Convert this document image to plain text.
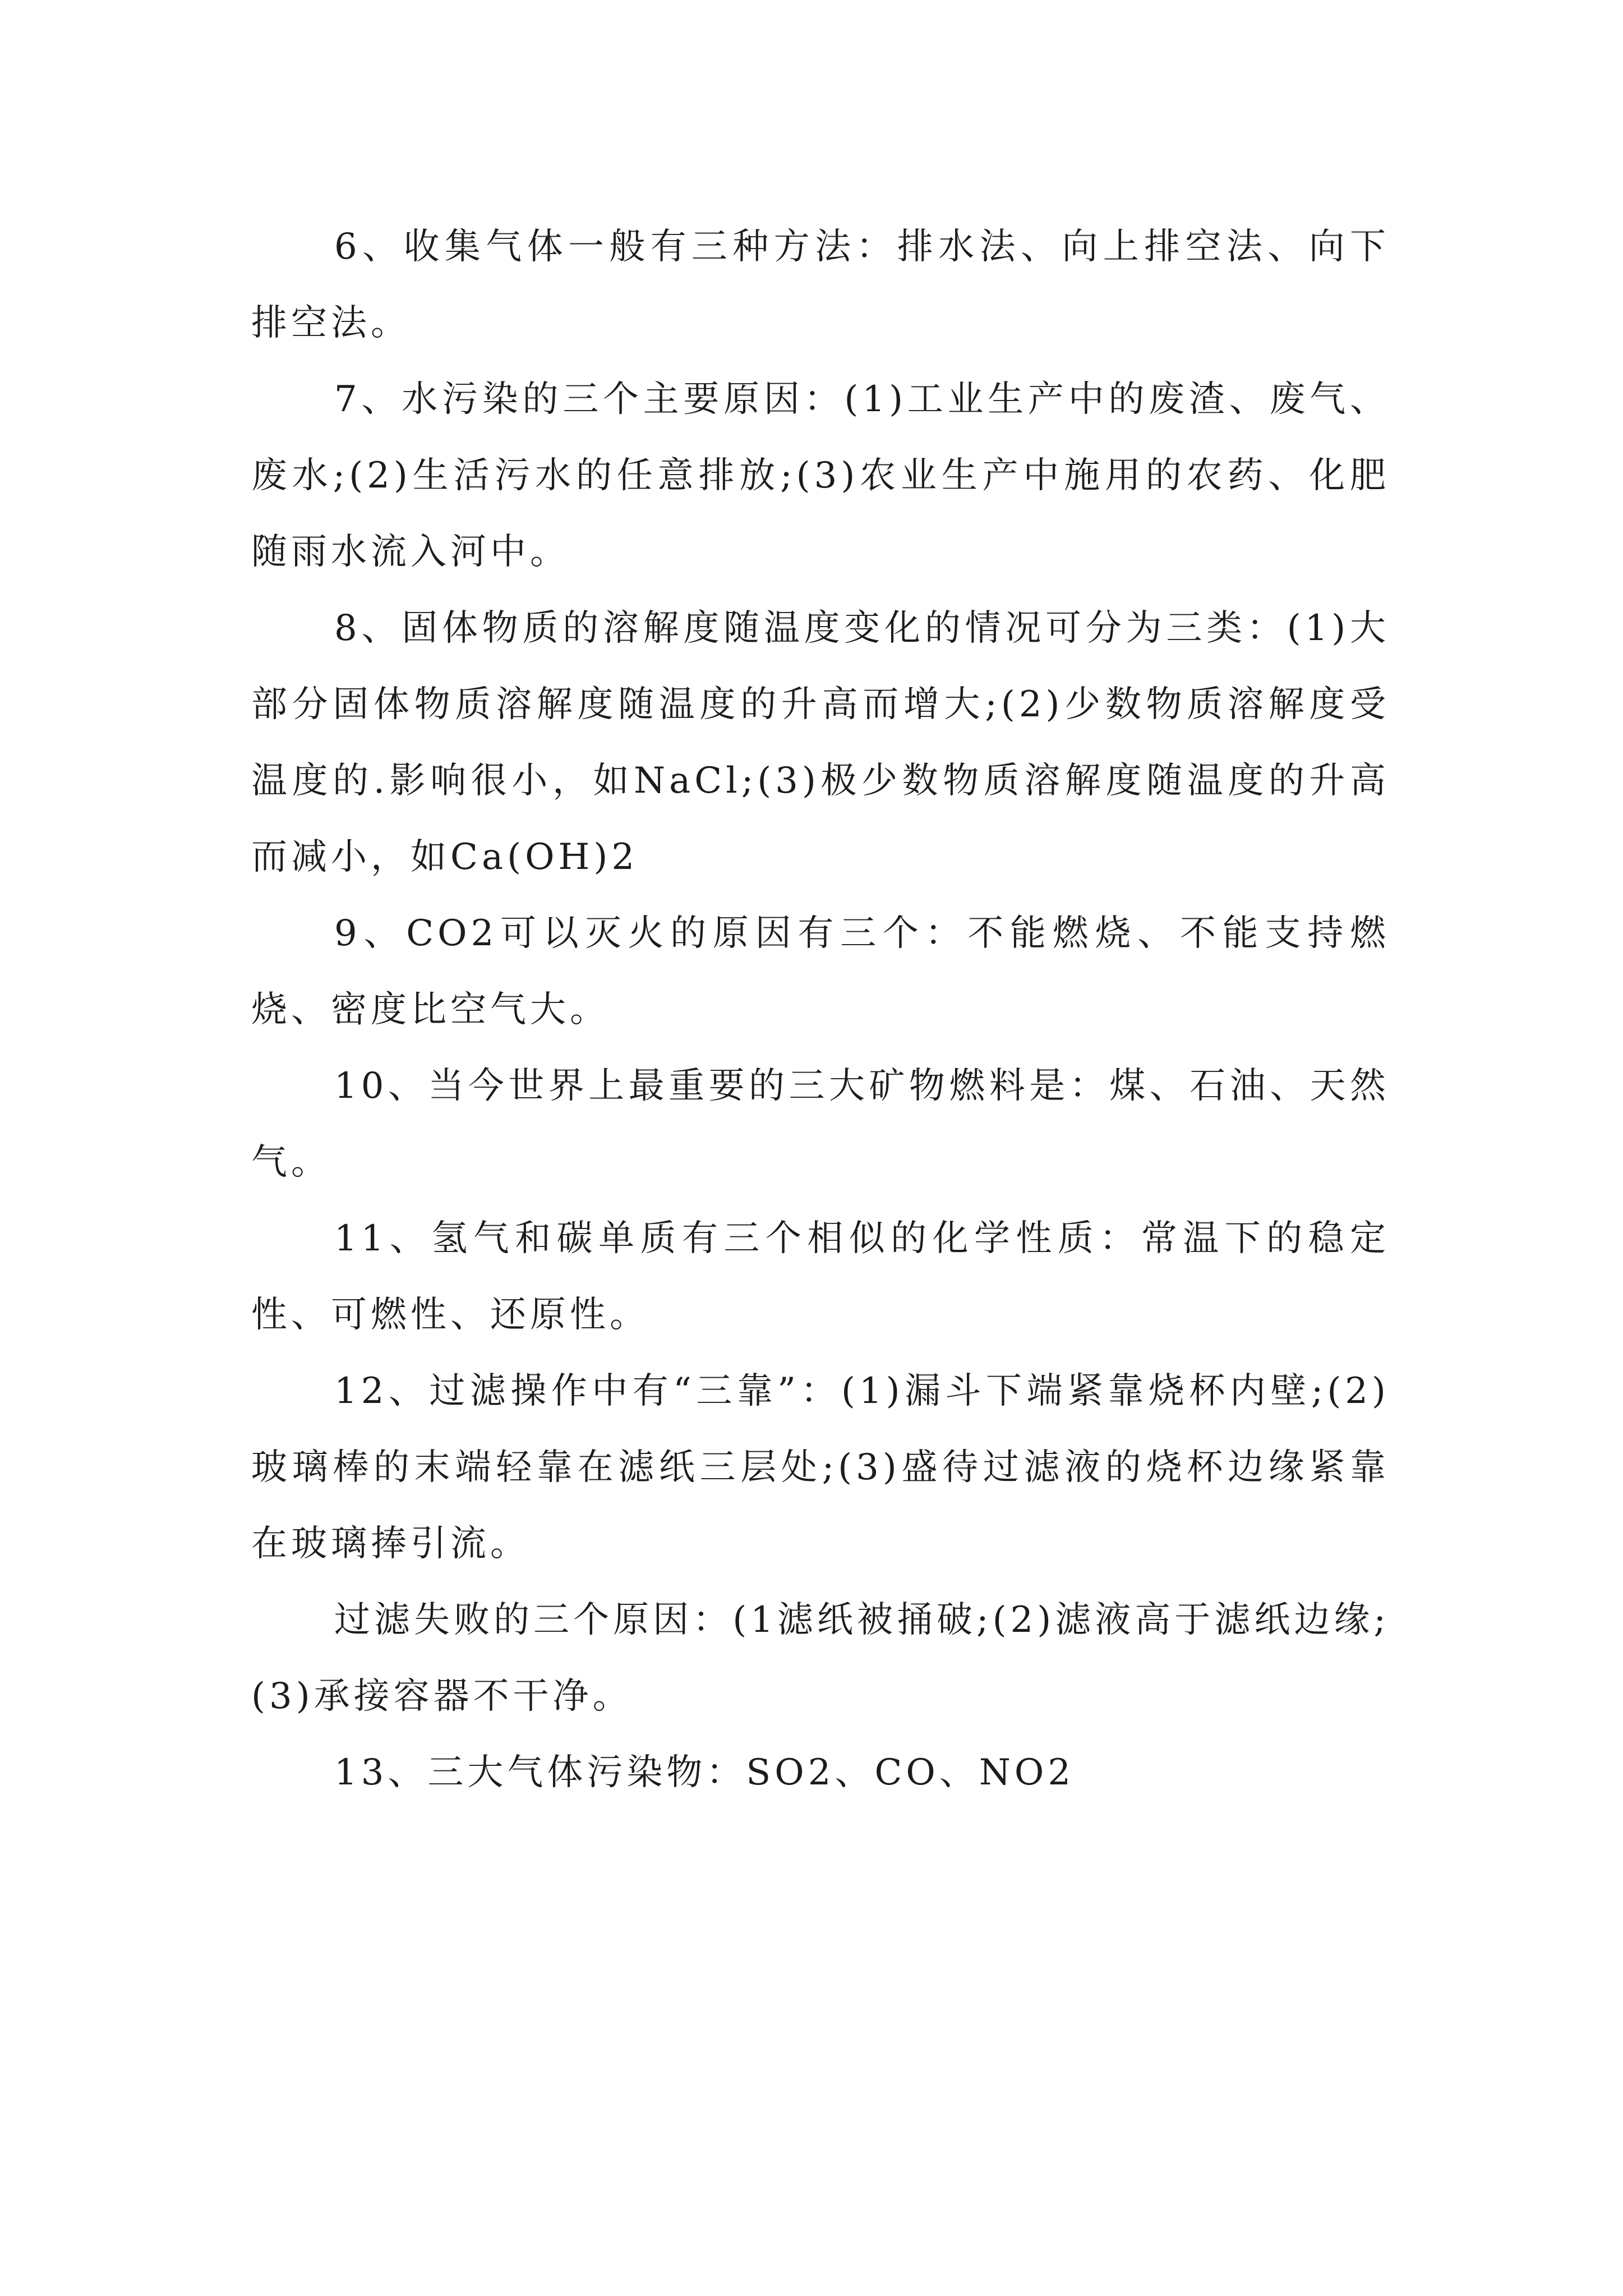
6、收集气体一般有三种方法：排水法、向上排空法、向下排空法。

7、水污染的三个主要原因：(1)工业生产中的废渣、废气、废水;(2)生活污水的任意排放;(3)农业生产中施用的农药、化肥随雨水流入河中。

8、固体物质的溶解度随温度变化的情况可分为三类：(1)大部分固体物质溶解度随温度的升高而增大;(2)少数物质溶解度受温度的.影响很小，如NaCl;(3)极少数物质溶解度随温度的升高而减小，如Ca(OH)2

9、CO2可以灭火的原因有三个：不能燃烧、不能支持燃烧、密度比空气大。

10、当今世界上最重要的三大矿物燃料是：煤、石油、天然气。

11、氢气和碳单质有三个相似的化学性质：常温下的稳定性、可燃性、还原性。

12、过滤操作中有“三靠”：(1)漏斗下端紧靠烧杯内壁;(2)玻璃棒的末端轻靠在滤纸三层处;(3)盛待过滤液的烧杯边缘紧靠在玻璃捧引流。

过滤失败的三个原因：(1滤纸被捅破;(2)滤液高于滤纸边缘;(3)承接容器不干净。

13、三大气体污染物：SO2、CO、NO2
